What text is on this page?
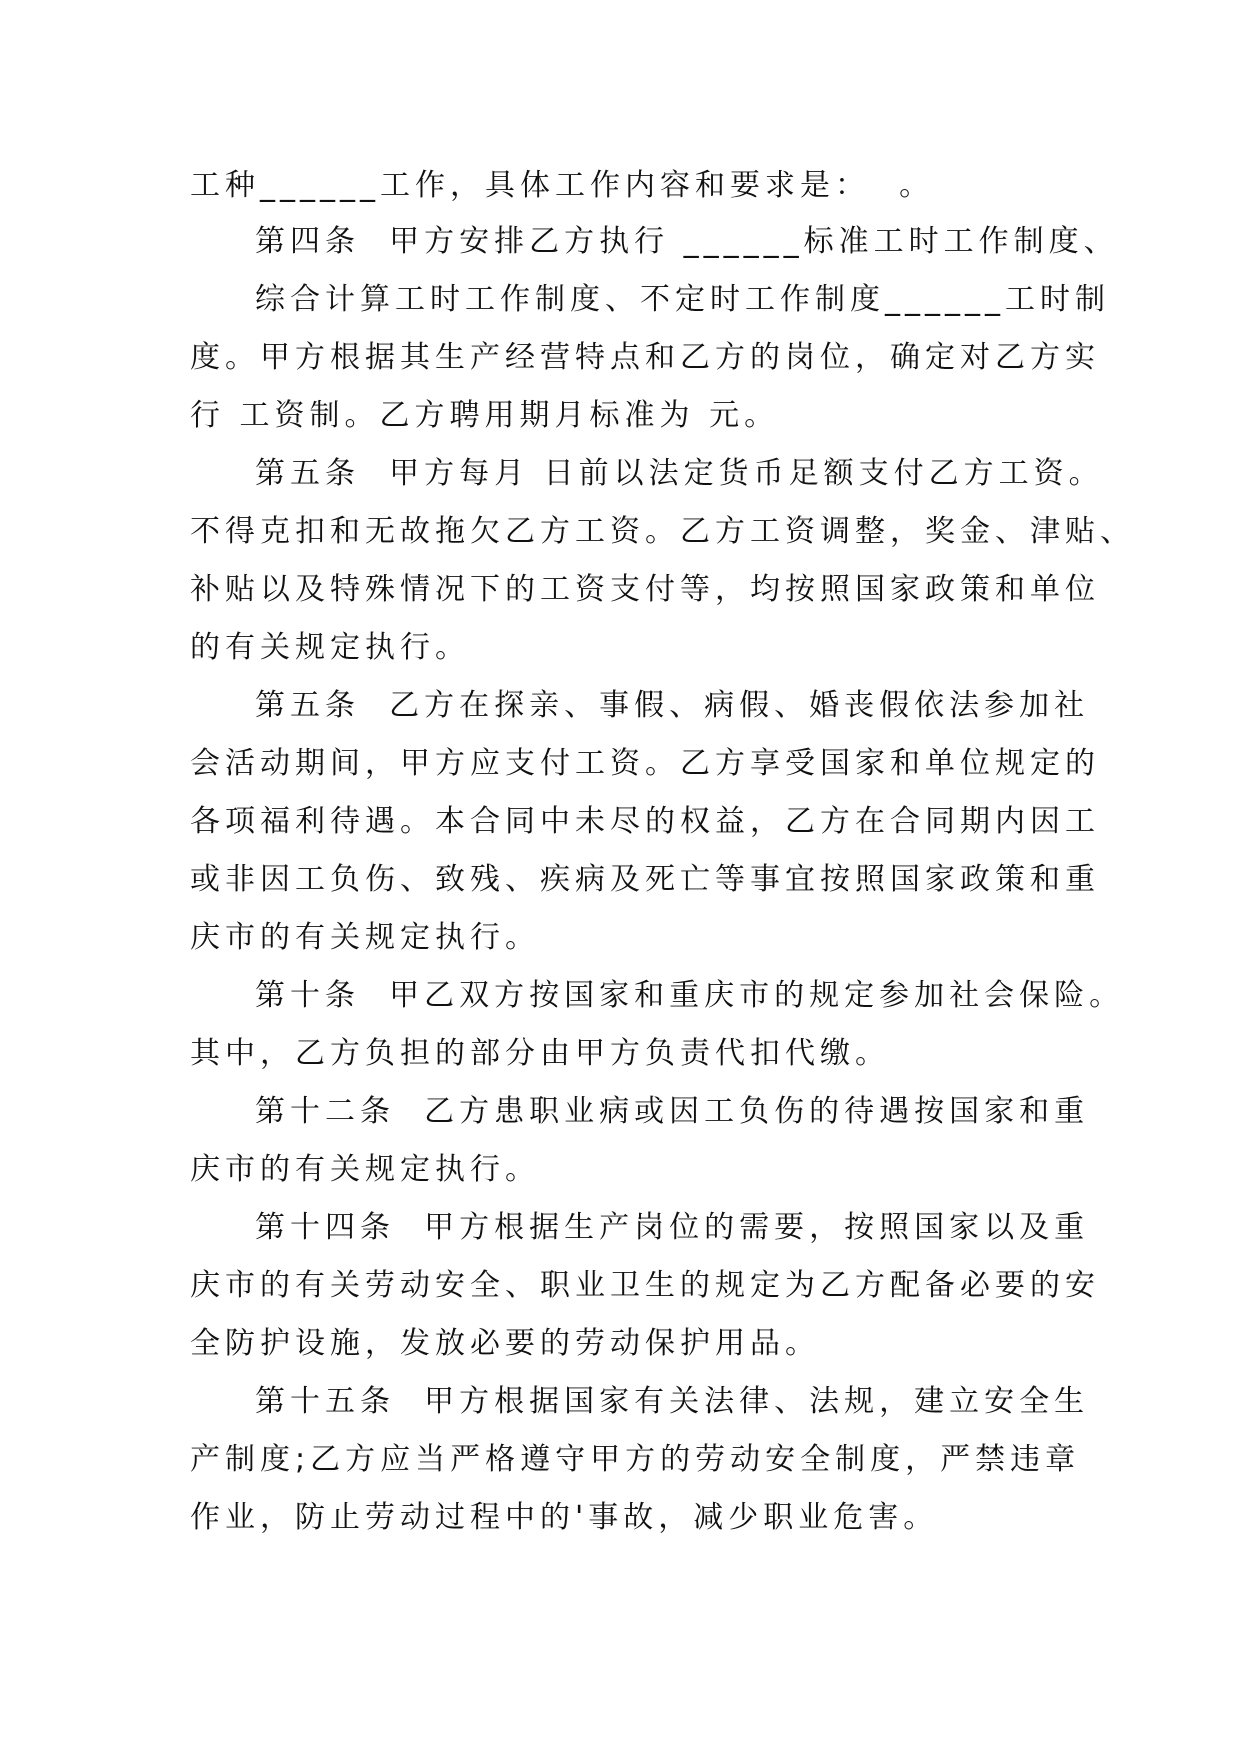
工种______工作，具体工作内容和要求是：  。
第四条  甲方安排乙方执行 ______标准工时工作制度、
综合计算工时工作制度、不定时工作制度______工时制
度。甲方根据其生产经营特点和乙方的岗位，确定对乙方实
行 工资制。乙方聘用期月标准为 元。
第五条  甲方每月 日前以法定货币足额支付乙方工资。
不得克扣和无故拖欠乙方工资。乙方工资调整，奖金、津贴、
补贴以及特殊情况下的工资支付等，均按照国家政策和单位
的有关规定执行。
第五条  乙方在探亲、事假、病假、婚丧假依法参加社
会活动期间，甲方应支付工资。乙方享受国家和单位规定的
各项福利待遇。本合同中未尽的权益，乙方在合同期内因工
或非因工负伤、致残、疾病及死亡等事宜按照国家政策和重
庆市的有关规定执行。
第十条  甲乙双方按国家和重庆市的规定参加社会保险。
其中，乙方负担的部分由甲方负责代扣代缴。
第十二条  乙方患职业病或因工负伤的待遇按国家和重
庆市的有关规定执行。
第十四条  甲方根据生产岗位的需要，按照国家以及重
庆市的有关劳动安全、职业卫生的规定为乙方配备必要的安
全防护设施，发放必要的劳动保护用品。
第十五条  甲方根据国家有关法律、法规，建立安全生
产制度;乙方应当严格遵守甲方的劳动安全制度，严禁违章
作业，防止劳动过程中的'事故，减少职业危害。
